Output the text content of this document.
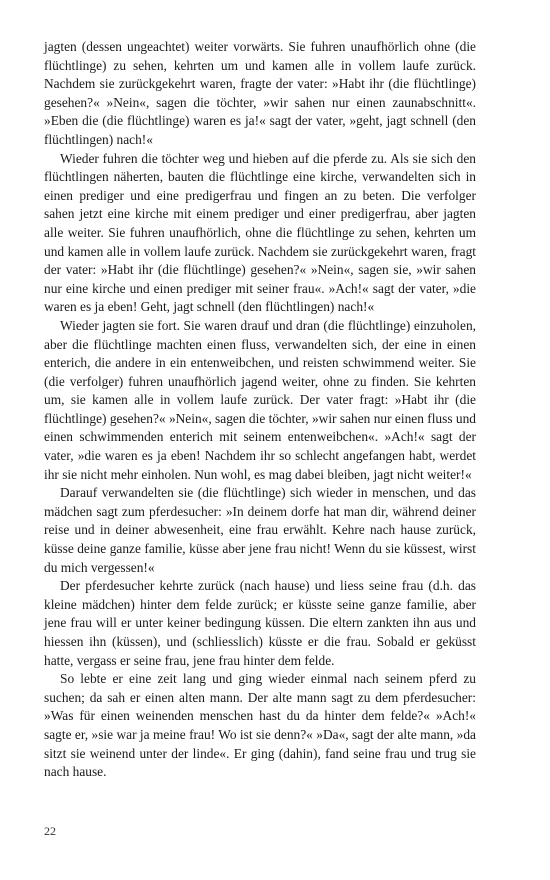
jagten (dessen ungeachtet) weiter vorwärts. Sie fuhren unaufhörlich ohne (die flüchtlinge) zu sehen, kehrten um und kamen alle in vollem laufe zurück. Nachdem sie zurückgekehrt waren, fragte der vater: »Habt ihr (die flüchtlinge) gesehen?« »Nein«, sagen die töchter, »wir sahen nur einen zaunabschnitt«. »Eben die (die flüchtlinge) waren es ja!« sagt der vater, »geht, jagt schnell (den flüchtlingen) nach!«

Wieder fuhren die töchter weg und hieben auf die pferde zu. Als sie sich den flüchtlingen näherten, bauten die flüchtlinge eine kirche, verwandelten sich in einen prediger und eine predigerfrau und fingen an zu beten. Die verfolger sahen jetzt eine kirche mit einem prediger und einer predigerfrau, aber jagten alle weiter. Sie fuhren unaufhörlich, ohne die flüchtlinge zu sehen, kehrten um und kamen alle in vollem laufe zurück. Nachdem sie zurückgekehrt waren, fragt der vater: »Habt ihr (die flüchtlinge) gesehen?« »Nein«, sagen sie, »wir sahen nur eine kirche und einen prediger mit seiner frau«. »Ach!« sagt der vater, »die waren es ja eben! Geht, jagt schnell (den flüchtlingen) nach!«

Wieder jagten sie fort. Sie waren drauf und dran (die flüchtlinge) einzuholen, aber die flüchtlinge machten einen fluss, verwandelten sich, der eine in einen enterich, die andere in ein entenweibchen, und reisten schwimmend weiter. Sie (die verfolger) fuhren unaufhörlich jagend weiter, ohne zu finden. Sie kehrten um, sie kamen alle in vollem laufe zurück. Der vater fragt: »Habt ihr (die flüchtlinge) gesehen?« »Nein«, sagen die töchter, »wir sahen nur einen fluss und einen schwimmenden enterich mit seinem entenweibchen«. »Ach!« sagt der vater, »die waren es ja eben! Nachdem ihr so schlecht angefangen habt, werdet ihr sie nicht mehr einholen. Nun wohl, es mag dabei bleiben, jagt nicht weiter!«

Darauf verwandelten sie (die flüchtlinge) sich wieder in menschen, und das mädchen sagt zum pferdesucher: »In deinem dorfe hat man dir, während deiner reise und in deiner abwesenheit, eine frau erwählt. Kehre nach hause zurück, küsse deine ganze familie, küsse aber jene frau nicht! Wenn du sie küssest, wirst du mich vergessen!«

Der pferdesucher kehrte zurück (nach hause) und liess seine frau (d.h. das kleine mädchen) hinter dem felde zurück; er küsste seine ganze familie, aber jene frau will er unter keiner bedingung küssen. Die eltern zankten ihn aus und hiessen ihn (küssen), und (schliesslich) küsste er die frau. Sobald er geküsst hatte, vergass er seine frau, jene frau hinter dem felde.

So lebte er eine zeit lang und ging wieder einmal nach seinem pferd zu suchen; da sah er einen alten mann. Der alte mann sagt zu dem pferdesucher: »Was für einen weinenden menschen hast du da hinter dem felde?« »Ach!« sagte er, »sie war ja meine frau! Wo ist sie denn?« »Da«, sagt der alte mann, »da sitzt sie weinend unter der linde«. Er ging (dahin), fand seine frau und trug sie nach hause.

22
